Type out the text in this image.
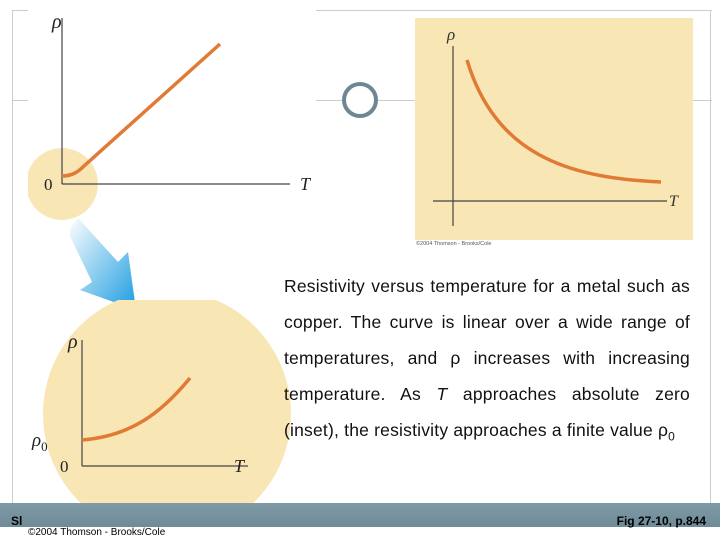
ρ
T
0
ρ
T
$\rho_0$
0
ρ
T
©2004 Thomson - Brooks/Cole

Resistivity versus temperature for a metal such as copper. The curve is linear over a wide range of temperatures, and ρ increases with increasing temperature. As T approaches absolute zero (inset), the resistivity approaches a finite value $\rho_0$

Sl	Fig 27-10, p.844
©2004 Thomson - Brooks/Cole
